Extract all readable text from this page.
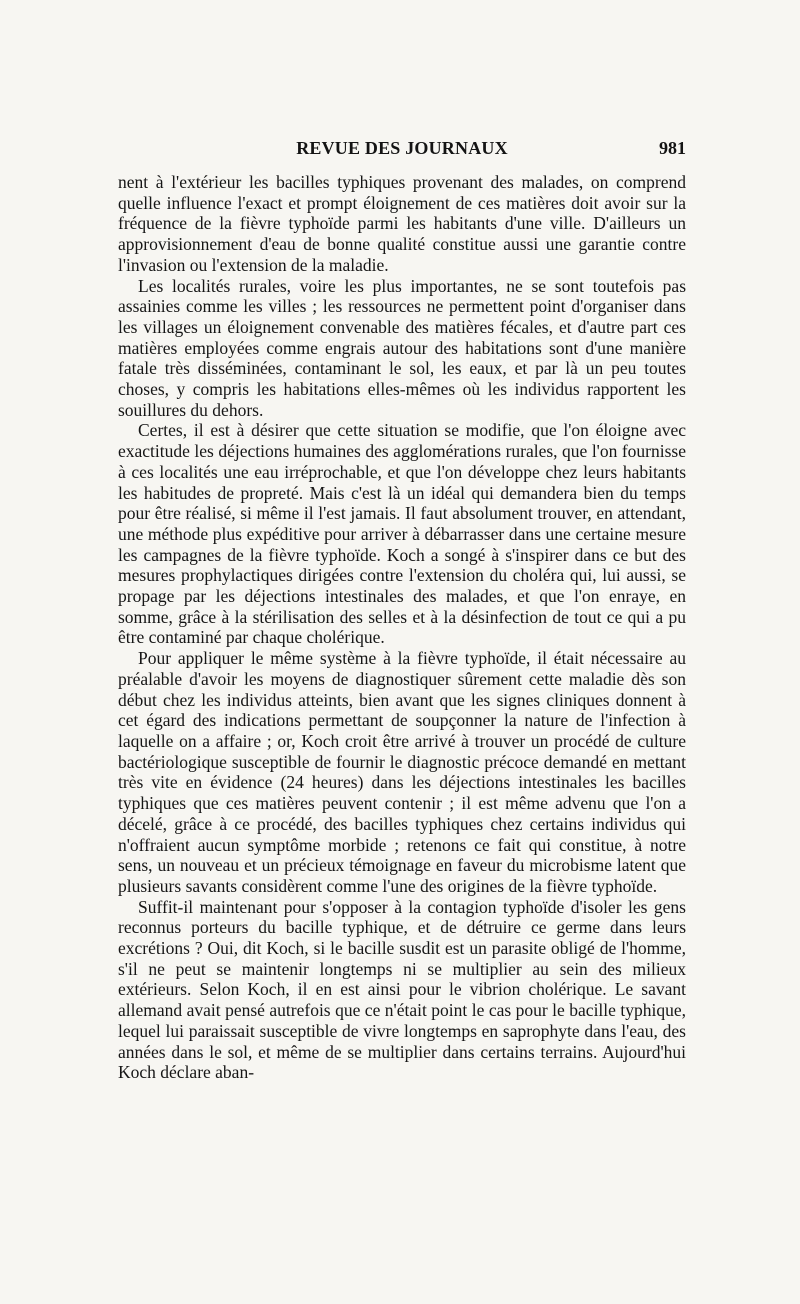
REVUE DES JOURNAUX	981

nent à l'extérieur les bacilles typhiques provenant des malades, on comprend quelle influence l'exact et prompt éloignement de ces matières doit avoir sur la fréquence de la fièvre typhoïde parmi les habitants d'une ville. D'ailleurs un approvisionnement d'eau de bonne qualité constitue aussi une garantie contre l'invasion ou l'extension de la maladie.

Les localités rurales, voire les plus importantes, ne se sont toutefois pas assainies comme les villes ; les ressources ne permettent point d'organiser dans les villages un éloignement convenable des matières fécales, et d'autre part ces matières employées comme engrais autour des habitations sont d'une manière fatale très disséminées, contaminant le sol, les eaux, et par là un peu toutes choses, y compris les habitations elles-mêmes où les individus rapportent les souillures du dehors.

Certes, il est à désirer que cette situation se modifie, que l'on éloigne avec exactitude les déjections humaines des agglomérations rurales, que l'on fournisse à ces localités une eau irréprochable, et que l'on développe chez leurs habitants les habitudes de propreté. Mais c'est là un idéal qui demandera bien du temps pour être réalisé, si même il l'est jamais. Il faut absolument trouver, en attendant, une méthode plus expéditive pour arriver à débarrasser dans une certaine mesure les campagnes de la fièvre typhoïde. Koch a songé à s'inspirer dans ce but des mesures prophylactiques dirigées contre l'extension du choléra qui, lui aussi, se propage par les déjections intestinales des malades, et que l'on enraye, en somme, grâce à la stérilisation des selles et à la désinfection de tout ce qui a pu être contaminé par chaque cholérique.

Pour appliquer le même système à la fièvre typhoïde, il était nécessaire au préalable d'avoir les moyens de diagnostiquer sûrement cette maladie dès son début chez les individus atteints, bien avant que les signes cliniques donnent à cet égard des indications permettant de soupçonner la nature de l'infection à laquelle on a affaire ; or, Koch croit être arrivé à trouver un procédé de culture bactériologique susceptible de fournir le diagnostic précoce demandé en mettant très vite en évidence (24 heures) dans les déjections intestinales les bacilles typhiques que ces matières peuvent contenir ; il est même advenu que l'on a décelé, grâce à ce procédé, des bacilles typhiques chez certains individus qui n'offraient aucun symptôme morbide ; retenons ce fait qui constitue, à notre sens, un nouveau et un précieux témoignage en faveur du microbisme latent que plusieurs savants considèrent comme l'une des origines de la fièvre typhoïde.

Suffit-il maintenant pour s'opposer à la contagion typhoïde d'isoler les gens reconnus porteurs du bacille typhique, et de détruire ce germe dans leurs excrétions ? Oui, dit Koch, si le bacille susdit est un parasite obligé de l'homme, s'il ne peut se maintenir longtemps ni se multiplier au sein des milieux extérieurs. Selon Koch, il en est ainsi pour le vibrion cholérique. Le savant allemand avait pensé autrefois que ce n'était point le cas pour le bacille typhique, lequel lui paraissait susceptible de vivre longtemps en saprophyte dans l'eau, des années dans le sol, et même de se multiplier dans certains terrains. Aujourd'hui Koch déclare aban-
